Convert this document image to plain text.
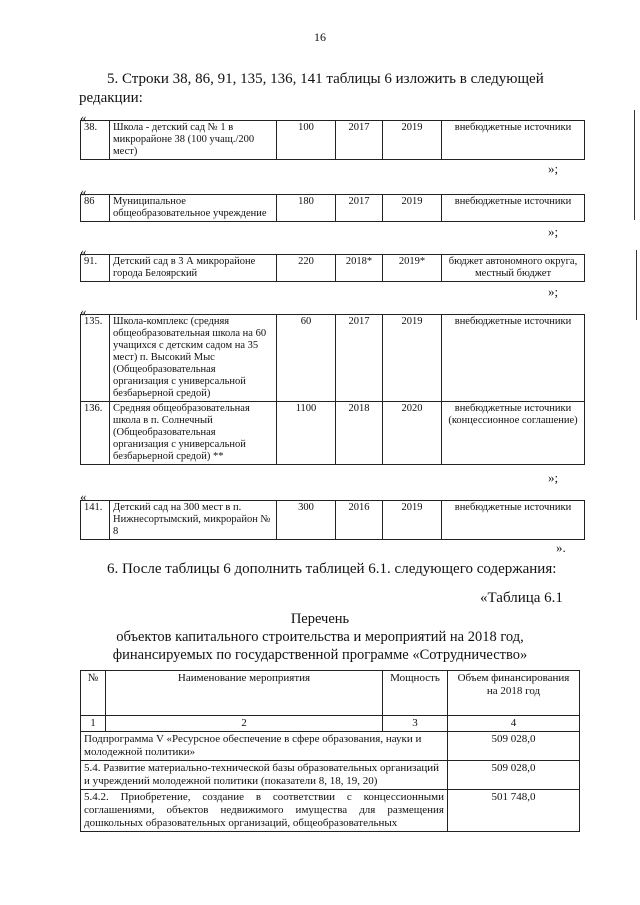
16
5. Строки 38, 86, 91, 135, 136, 141 таблицы 6 изложить в следующей редакции:
«
38.	Школа - детский сад № 1 в микрорайоне 38 (100 учащ./200 мест)	100	2017	2019	внебюджетные источники
»;
«
86	Муниципальное общеобразовательное учреждение	180	2017	2019	внебюджетные источники
»;
«
91.	Детский сад в 3 А микрорайоне города Белоярский	220	2018*	2019*	бюджет автономного округа, местный бюджет
»;
«
135.	Школа-комплекс (средняя общеобразовательная школа на 60 учащихся с детским садом на 35 мест) п. Высокий Мыс (Общеобразовательная организация с универсальной безбарьерной средой)	60	2017	2019	внебюджетные источники
136.	Средняя общеобразовательная школа в п. Солнечный (Общеобразовательная организация с универсальной безбарьерной средой) **	1100	2018	2020	внебюджетные источники (концессионное соглашение)
»;
«
141.	Детский сад на 300 мест в п. Нижнесортымский, микрорайон № 8	300	2016	2019	внебюджетные источники
».
6. После таблицы 6 дополнить таблицей 6.1. следующего содержания:
«Таблица 6.1
Перечень
объектов капитального строительства и мероприятий на 2018 год,
финансируемых по государственной программе «Сотрудничество»
№	Наименование мероприятия	Мощность	Объем финансирования на 2018 год
1	2	3	4
Подпрограмма V «Ресурсное обеспечение в сфере образования, науки и молодежной политики»			509 028,0
5.4. Развитие материально-технической базы образовательных организаций и учреждений молодежной политики (показатели 8, 18, 19, 20)			509 028,0
5.4.2. Приобретение, создание в соответствии с концессионными соглашениями, объектов недвижимого имущества для размещения дошкольных образовательных организаций, общеобразовательных			501 748,0
